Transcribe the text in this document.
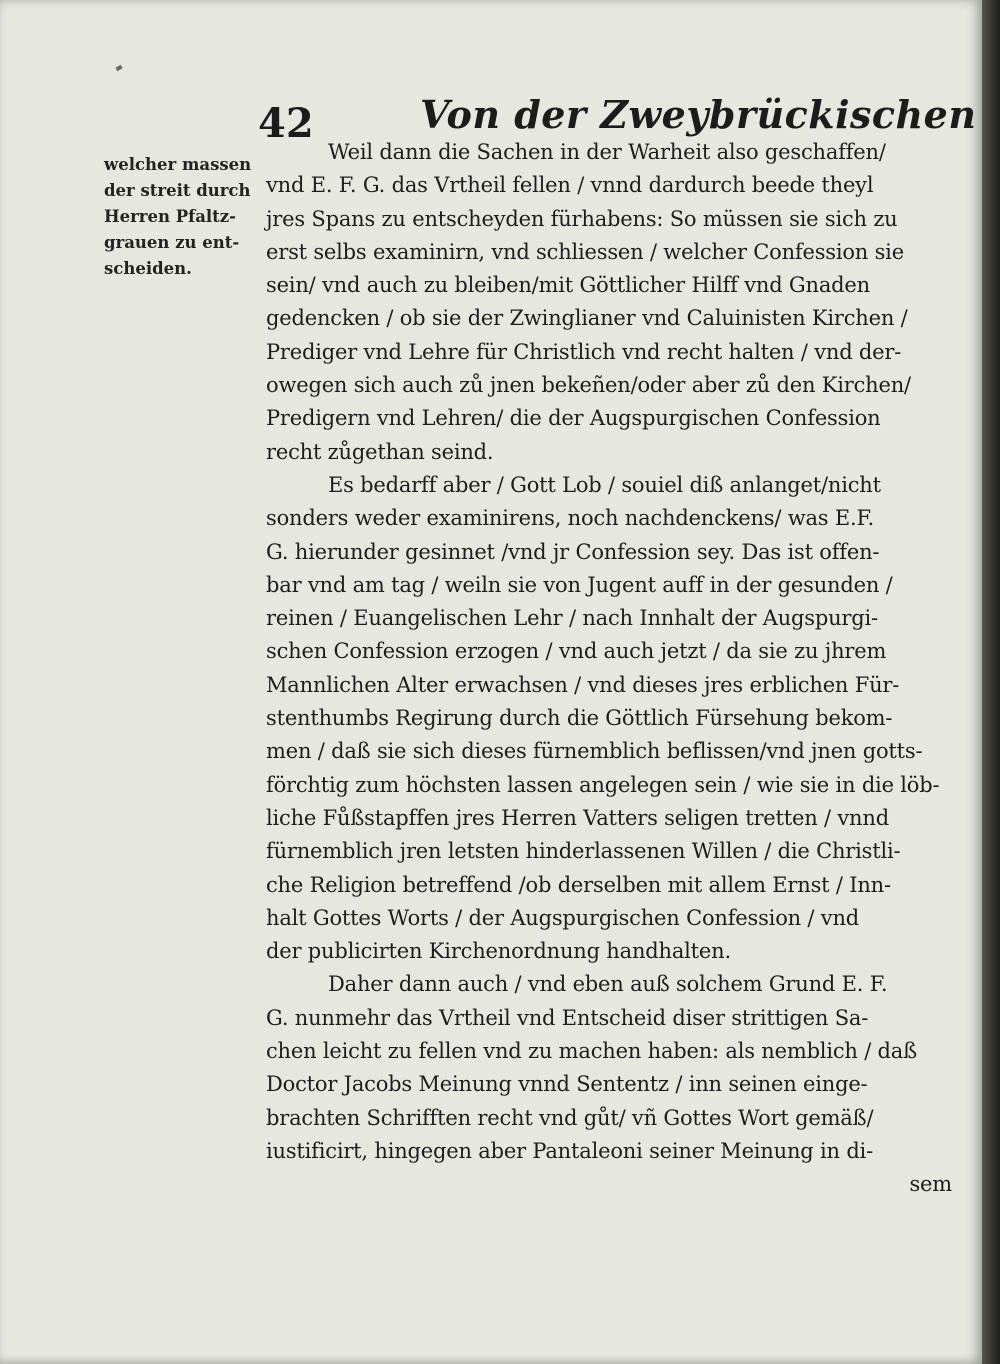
42	Von der Zweybrückischen
welcher massen
der streit durch
Herren Pfaltz-
grauen zu ent-
scheiden.
Weil dann die Sachen in der Warheit also geschaffen/
vnd E. F. G. das Vrtheil fellen / vnnd dardurch beede theyl
jres Spans zu entscheyden fürhabens: So müssen sie sich zu
erst selbs examinirn, vnd schliessen / welcher Confession sie
sein/ vnd auch zu bleiben/mit Göttlicher Hilff vnd Gnaden
gedencken / ob sie der Zwinglianer vnd Caluinisten Kirchen /
Prediger vnd Lehre für Christlich vnd recht halten / vnd der-
owegen sich auch zů jnen bekeñen/oder aber zů den Kirchen/
Predigern vnd Lehren/ die der Augspurgischen Confession
recht zůgethan seind.
Es bedarff aber / Gott Lob / souiel diß anlanget/nicht
sonders weder examinirens, noch nachdenckens/ was E.F.
G. hierunder gesinnet /vnd jr Confession sey. Das ist offen-
bar vnd am tag / weiln sie von Jugent auff in der gesunden /
reinen / Euangelischen Lehr / nach Innhalt der Augspurgi-
schen Confession erzogen / vnd auch jetzt / da sie zu jhrem
Mannlichen Alter erwachsen / vnd dieses jres erblichen Für-
stenthumbs Regirung durch die Göttlich Fürsehung bekom-
men / daß sie sich dieses fürnemblich beflissen/vnd jnen gotts-
förchtig zum höchsten lassen angelegen sein / wie sie in die löb-
liche Fůßstapffen jres Herren Vatters seligen tretten / vnnd
fürnemblich jren letsten hinderlassenen Willen / die Christli-
che Religion betreffend /ob derselben mit allem Ernst / Inn-
halt Gottes Worts / der Augspurgischen Confession / vnd
der publicirten Kirchenordnung handhalten.
Daher dann auch / vnd eben auß solchem Grund E. F.
G. nunmehr das Vrtheil vnd Entscheid diser strittigen Sa-
chen leicht zu fellen vnd zu machen haben: als nemblich / daß
Doctor Jacobs Meinung vnnd Sententz / inn seinen einge-
brachten Schrifften recht vnd gůt/ vñ Gottes Wort gemäß/
iustificirt, hingegen aber Pantaleoni seiner Meinung in di-
sem
